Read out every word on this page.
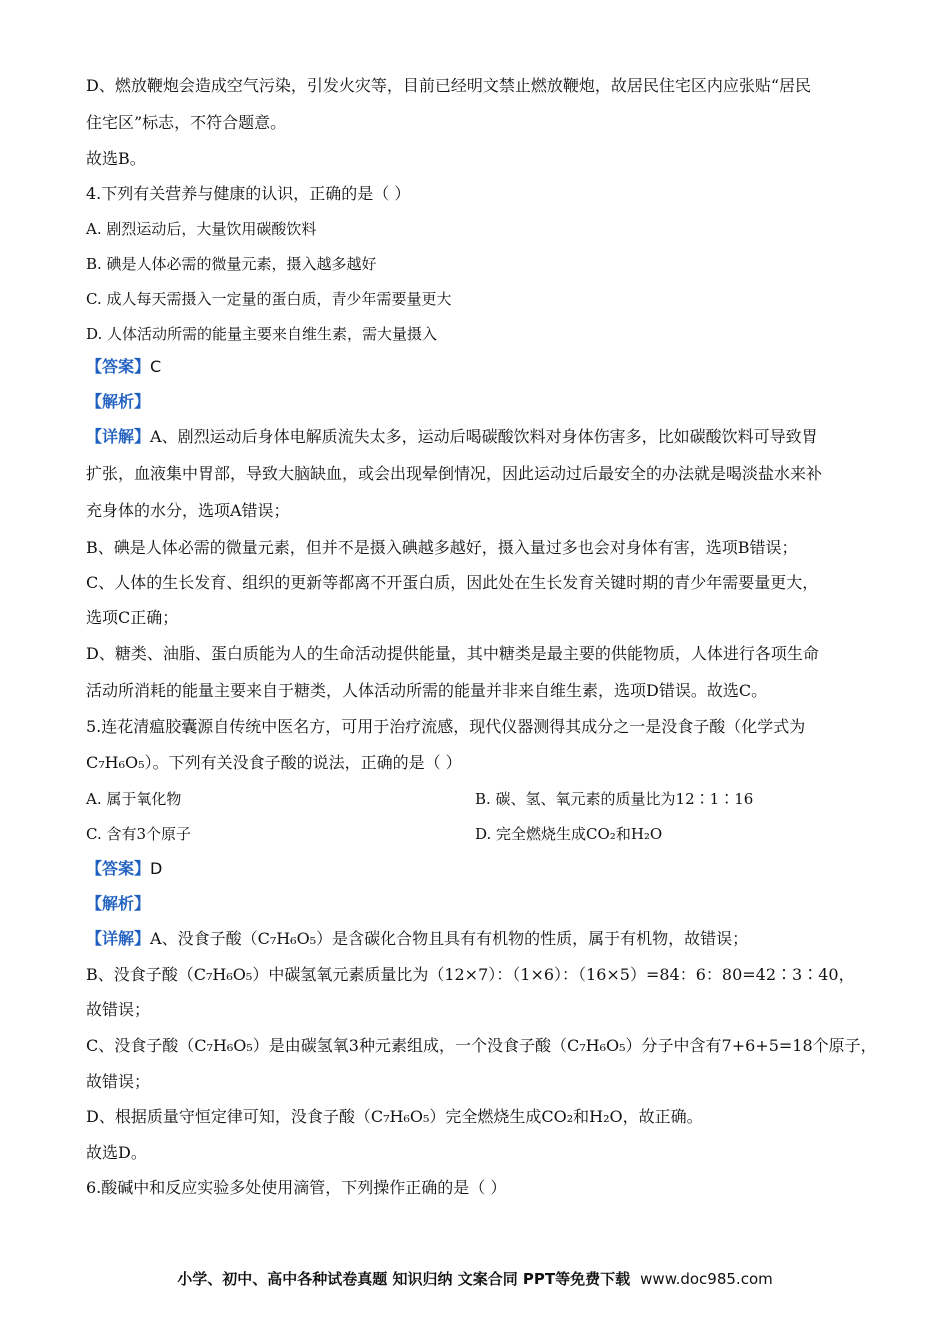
D、燃放鞭炮会造成空气污染，引发火灾等，目前已经明文禁止燃放鞭炮，故居民住宅区内应张贴“居民
住宅区”标志，不符合题意。
故选B。
4.下列有关营养与健康的认识，正确的是（ ）
A. 剧烈运动后，大量饮用碳酸饮料
B. 碘是人体必需的微量元素，摄入越多越好
C. 成人每天需摄入一定量的蛋白质，青少年需要量更大
D. 人体活动所需的能量主要来自维生素，需大量摄入
【答案】C
【解析】
【详解】A、剧烈运动后身体电解质流失太多，运动后喝碳酸饮料对身体伤害多，比如碳酸饮料可导致胃
扩张，血液集中胃部，导致大脑缺血，或会出现晕倒情况，因此运动过后最安全的办法就是喝淡盐水来补
充身体的水分，选项A错误；
B、碘是人体必需的微量元素，但并不是摄入碘越多越好，摄入量过多也会对身体有害，选项B错误；
C、人体的生长发育、组织的更新等都离不开蛋白质，因此处在生长发育关键时期的青少年需要量更大，
选项C正确；
D、糖类、油脂、蛋白质能为人的生命活动提供能量，其中糖类是最主要的供能物质，人体进行各项生命
活动所消耗的能量主要来自于糖类，人体活动所需的能量并非来自维生素，选项D错误。故选C。
5.连花清瘟胶囊源自传统中医名方，可用于治疗流感，现代仪器测得其成分之一是没食子酸（化学式为
C₇H₆O₅）。下列有关没食子酸的说法，正确的是（ ）
A. 属于氧化物	B. 碳、氢、氧元素的质量比为12∶1∶16
C. 含有3个原子	D. 完全燃烧生成CO₂和H₂O
【答案】D
【解析】
【详解】A、没食子酸（C₇H₆O₅）是含碳化合物且具有有机物的性质，属于有机物，故错误；
B、没食子酸（C₇H₆O₅）中碳氢氧元素质量比为（12×7）：（1×6）：（16×5）=84：6：80=42∶3∶40，
故错误；
C、没食子酸（C₇H₆O₅）是由碳氢氧3种元素组成，一个没食子酸（C₇H₆O₅）分子中含有7+6+5=18个原子，
故错误；
D、根据质量守恒定律可知，没食子酸（C₇H₆O₅）完全燃烧生成CO₂和H₂O，故正确。
故选D。
6.酸碱中和反应实验多处使用滴管，下列操作正确的是（ ）
小学、初中、高中各种试卷真题 知识归纳 文案合同 PPT等免费下载 www.doc985.com
